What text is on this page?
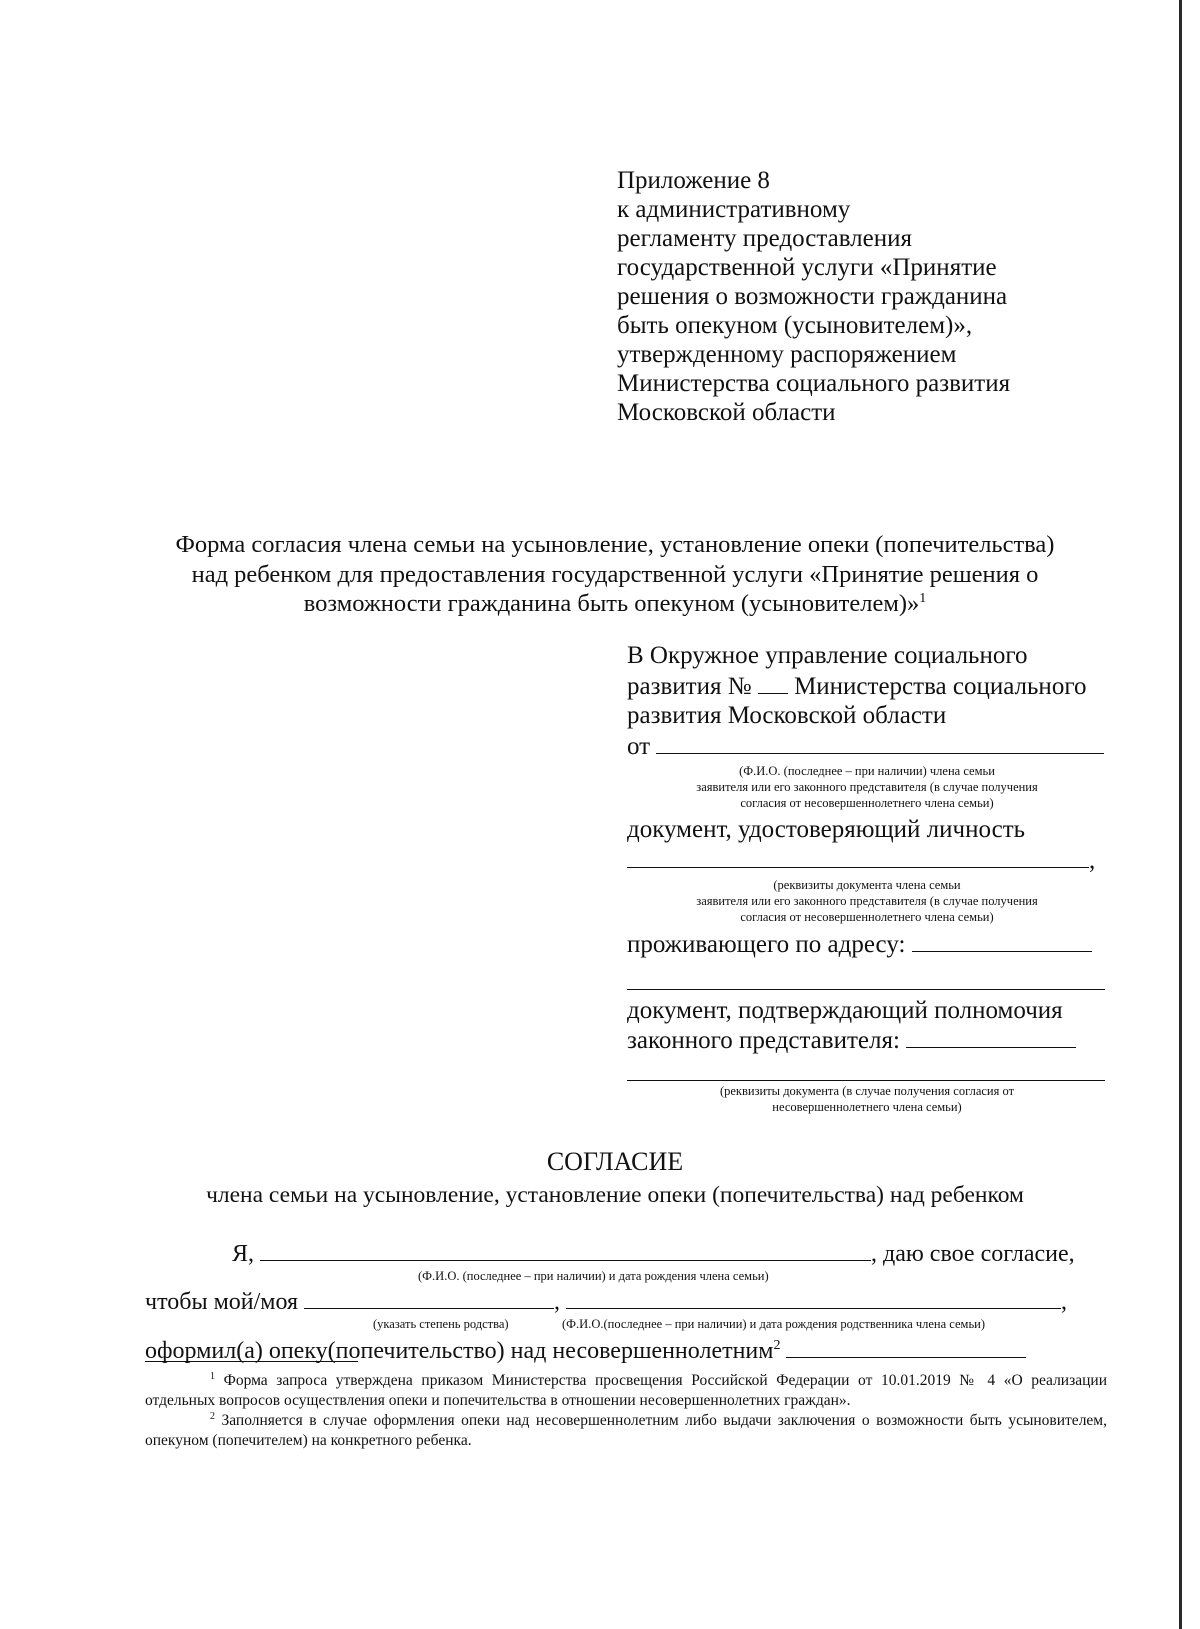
Приложение 8
к административному
регламенту предоставления
государственной услуги «Принятие
решения о возможности гражданина
быть опекуном (усыновителем)»,
утвержденному распоряжением
Министерства социального развития
Московской области
Форма согласия члена семьи на усыновление, установление опеки (попечительства)
над ребенком для предоставления государственной услуги «Принятие решения о
возможности гражданина быть опекуном (усыновителем)»$^1$
В Окружное управление социального
развития № Министерства социального
развития Московской области
от
(Ф.И.О. (последнее – при наличии) члена семьи
заявителя или его законного представителя (в случае получения
согласия от несовершеннолетнего члена семьи)
документ, удостоверяющий личность
,
(реквизиты документа члена семьи
заявителя или его законного представителя (в случае получения
согласия от несовершеннолетнего члена семьи)
проживающего по адресу:
документ, подтверждающий полномочия
законного представителя:
(реквизиты документа (в случае получения согласия от
несовершеннолетнего члена семьи)
СОГЛАСИЕ
члена семьи на усыновление, установление опеки (попечительства) над ребенком
Я,	, даю свое согласие,
(Ф.И.О. (последнее – при наличии) и дата рождения члена семьи)
чтобы мой/моя	,	,
(указать степень родства)	(Ф.И.О.(последнее – при наличии) и дата рождения родственника члена семьи)
оформил(а) опеку(попечительство) над несовершеннолетним$^2$

$^1$ Форма запроса утверждена приказом Министерства просвещения Российской Федерации от 10.01.2019 № 4 «О реализации отдельных вопросов осуществления опеки и попечительства в отношении несовершеннолетних граждан».

$^2$ Заполняется в случае оформления опеки над несовершеннолетним либо выдачи заключения о возможности быть усыновителем, опекуном (попечителем) на конкретного ребенка.
